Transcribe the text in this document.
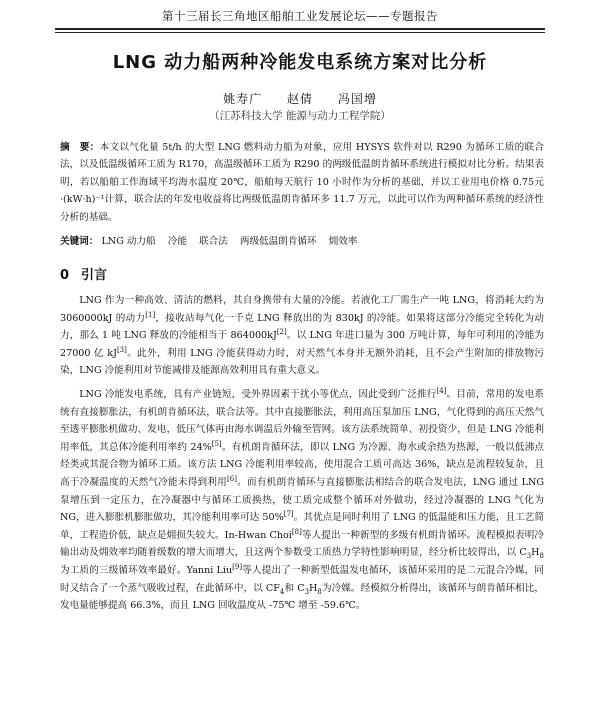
第十三届长三角地区船舶工业发展论坛——专题报告
LNG 动力船两种冷能发电系统方案对比分析
姚寿广 赵倩 冯国增
（江苏科技大学 能源与动力工程学院）
摘　要：本文以气化量 5t/h 的大型 LNG 燃料动力船为对象，应用 HYSYS 软件对以 R290 为循环工质的联合法，以及低温级循环工质为 R170，高温级循环工质为 R290 的两级低温朗肯循环系统进行模拟对比分析。结果表明，若以船舶工作海域平均海水温度 20℃，船舶每天航行 10 小时作为分析的基础，并以工业用电价格 0.75元·(kW·h)⁻¹计算，联合法的年发电收益将比两级低温朗肯循环多 11.7 万元，以此可以作为两种循环系统的经济性分析的基础。
关键词： LNG 动力船 冷能 联合法 两级低温朗肯循环 㶲效率
0 引言

LNG 作为一种高效、清洁的燃料，其自身携带有大量的冷能。若液化工厂需生产一吨 LNG，将消耗大约为 3060000kJ 的动力[1]，接收站每气化一千克 LNG 释放出的为 830kJ 的冷能。如果将这部分冷能完全转化为动力，那么 1 吨 LNG 释放的冷能相当于 864000kJ[2]。以 LNG 年进口量为 300 万吨计算，每年可利用的冷能为 27000 亿 kJ[3]。此外，利用 LNG 冷能获得动力时，对天然气本身并无额外消耗，且不会产生附加的排放物污染，LNG 冷能利用对节能减排及能源高效利用具有重大意义。

LNG 冷能发电系统，具有产业链短，受外界因素干扰小等优点，因此受到广泛推行[4]。目前，常用的发电系统有直接膨胀法，有机朗肯循环法，联合法等。其中直接膨胀法，利用高压泵加压 LNG，气化得到的高压天然气至透平膨胀机做功、发电，低压气体再由海水调温后外输至管网。该方法系统简单、初投资少，但是 LNG 冷能利用率低，其总体冷能利用率约 24%[5]。有机朗肯循环法，即以 LNG 为冷源、海水或余热为热源，一般以低沸点烃类或其混合物为循环工质。该方法 LNG 冷能利用率较高，使用混合工质可高达 36%，缺点是流程较复杂，且高于冷凝温度的天然气冷能未得到利用[6]。而有机朗肯循环与直接膨胀法相结合的联合发电法，LNG 通过 LNG 泵增压到一定压力，在冷凝器中与循环工质换热，使工质完成整个循环对外做功，经过冷凝器的 LNG 气化为 NG，进入膨胀机膨胀做功，其冷能利用率可达 50%[7]。其优点是同时利用了 LNG 的低温能和压力能，且工艺简单，工程造价低，缺点是㶲损失较大。In-Hwan Choi[8]等人提出一种新型的多级有机朗肯循环。流程模拟表明冷输出动及㶲效率均随着级数的增大而增大，且这两个参数受工质热力学特性影响明显，经分析比较得出，以 $C_3H_8$为工质的三级循环效率最好。Yanni Liu[9]等人提出了一种新型低温发电循环，该循环采用的是二元混合冷媒，同时又结合了一个蒸气吸收过程，在此循环中，以 $CF_4$和 $C_3H_8$为冷媒。经模拟分析得出，该循环与朗肯循环相比，发电量能够提高 66.3%，而且 LNG 回收温度从 -75℃ 增至 -59.6℃。
